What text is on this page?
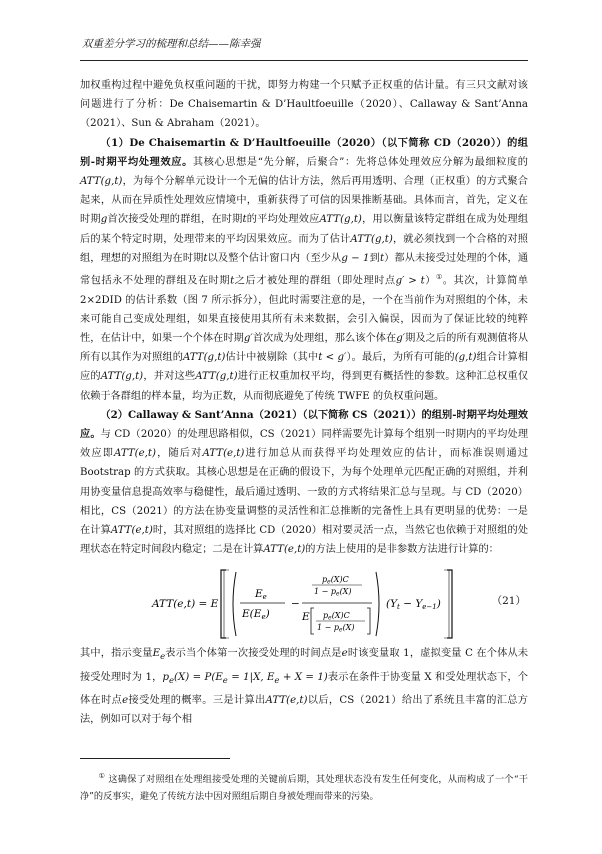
双重差分学习的梳理和总结——陈幸强

加权重构过程中避免负权重问题的干扰，即努力构建一个只赋予正权重的估计量。有三只文献对该问题进行了分析：De Chaisemartin & D’Haultfoeuille（2020）、Callaway & Sant’Anna（2021）、Sun & Abraham（2021）。

（1）De Chaisemartin & D’Haultfoeuille（2020）（以下简称 CD（2020））的组别-时期平均处理效应。其核心思想是“先分解，后聚合”：先将总体处理效应分解为最细粒度的ATT(g,t)，为每个分解单元设计一个无偏的估计方法，然后再用透明、合理（正权重）的方式聚合起来，从而在异质性处理效应情境中，重新获得了可信的因果推断基础。具体而言，首先，定义在时期g首次接受处理的群组，在时期t的平均处理效应ATT(g,t)，用以衡量该特定群组在成为处理组后的某个特定时期，处理带来的平均因果效应。而为了估计ATT(g,t)，就必须找到一个合格的对照组，理想的对照组为在时期t以及整个估计窗口内（至少从g − 1到t）都从未接受过处理的个体，通常包括永不处理的群组及在时期t之后才被处理的群组（即处理时点g′ > t）①。其次，计算简单 2×2DID 的估计系数（图 7 所示拆分），但此时需要注意的是，一个在当前作为对照组的个体，未来可能自己变成处理组，如果直接使用其所有未来数据，会引入偏误，因而为了保证比较的纯粹性，在估计中，如果一个个体在时期g′首次成为处理组，那么该个体在g′期及之后的所有观测值将从所有以其作为对照组的ATT(g,t)估计中被剔除（其中t < g′）。最后，为所有可能的(g,t)组合计算相应的ATT(g,t)，并对这些ATT(g,t)进行正权重加权平均，得到更有概括性的参数。这种汇总权重仅依赖于各群组的样本量，均为正数，从而彻底避免了传统 TWFE 的负权重问题。

（2）Callaway & Sant’Anna（2021）（以下简称 CS（2021））的组别-时期平均处理效应。与 CD（2020）的处理思路相似，CS（2021）同样需要先计算每个组别一时期内的平均处理效应即ATT(e,t)，随后对ATT(e,t)进行加总从而获得平均处理效应的估计，而标准误则通过 Bootstrap 的方式获取。其核心思想是在正确的假设下，为每个处理单元匹配正确的对照组，并利用协变量信息提高效率与稳健性，最后通过透明、一致的方式将结果汇总与呈现。与 CD（2020）相比，CS（2021）的方法在协变量调整的灵活性和汇总推断的完备性上具有更明显的优势：一是在计算ATT(e,t)时，其对照组的选择比 CD（2020）相对要灵活一点，当然它也依赖于对照组的处理状态在特定时间段内稳定；二是在计算ATT(e,t)的方法上使用的是非参数方法进行计算的：

ATT(e,t) = E
Ee
E(Ee)
−
pe(X)C
1 − pe(X)
E pe(X)C
1 − pe(X)
(Yt − Ye−1)	（21）

其中，指示变量$E_e$表示当个体第一次接受处理的时间点是e时该变量取 1，虚拟变量 C 在个体从未接受处理时为 1，$p_e(X) = P(E_e = 1|X$, $E_e + X = 1$)表示在条件于协变量 X 和受处理状态下，个体在时点e接受处理的概率。三是计算出ATT(e,t)以后，CS（2021）给出了系统且丰富的汇总方法，例如可以对于每个相

① 这确保了对照组在处理组接受处理的关键前后期，其处理状态没有发生任何变化，从而构成了一个“干净”的反事实，避免了传统方法中因对照组后期自身被处理而带来的污染。
